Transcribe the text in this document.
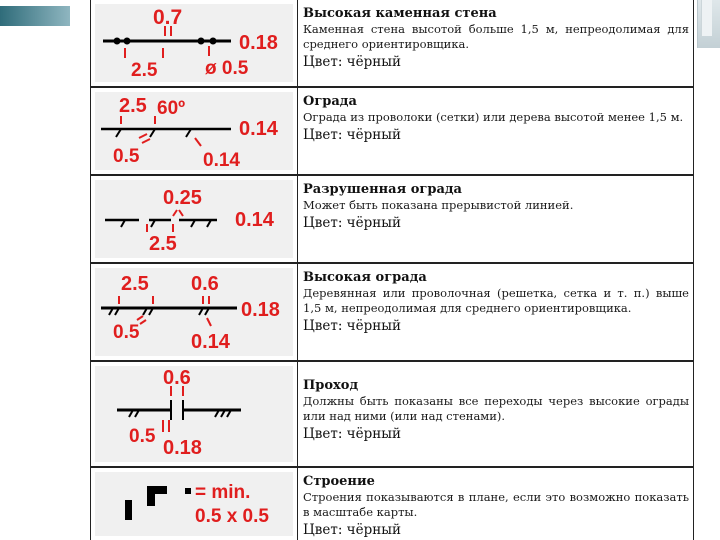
0.7
0.18
2.5	ø 0.5
Высокая каменная стена
Каменная стена высотой больше 1,5 м, непреодолимая для среднего ориентировщика.
Цвет: чёрный
2.5 60º
0.14
0.5	0.14
Ограда
Ограда из проволоки (сетки) или дерева высотой менее 1,5 м.
Цвет: чёрный
0.25
0.14
2.5
Разрушенная ограда
Может быть показана прерывистой линией.
Цвет: чёрный
2.5 0.6
0.18
0.5	0.14
Высокая ограда
Деревянная или проволочная (решетка, сетка и т. п.) выше 1,5 м, непреодолимая для среднего ориентировщика.
Цвет: чёрный
0.6
0.5
0.18
Проход
Должны быть показаны все переходы через высокие ограды или над ними (или над стенами).
Цвет: чёрный
= min.
0.5 x 0.5
Строение
Строения показываются в плане, если это возможно показать в масштабе карты.
Цвет: чёрный
